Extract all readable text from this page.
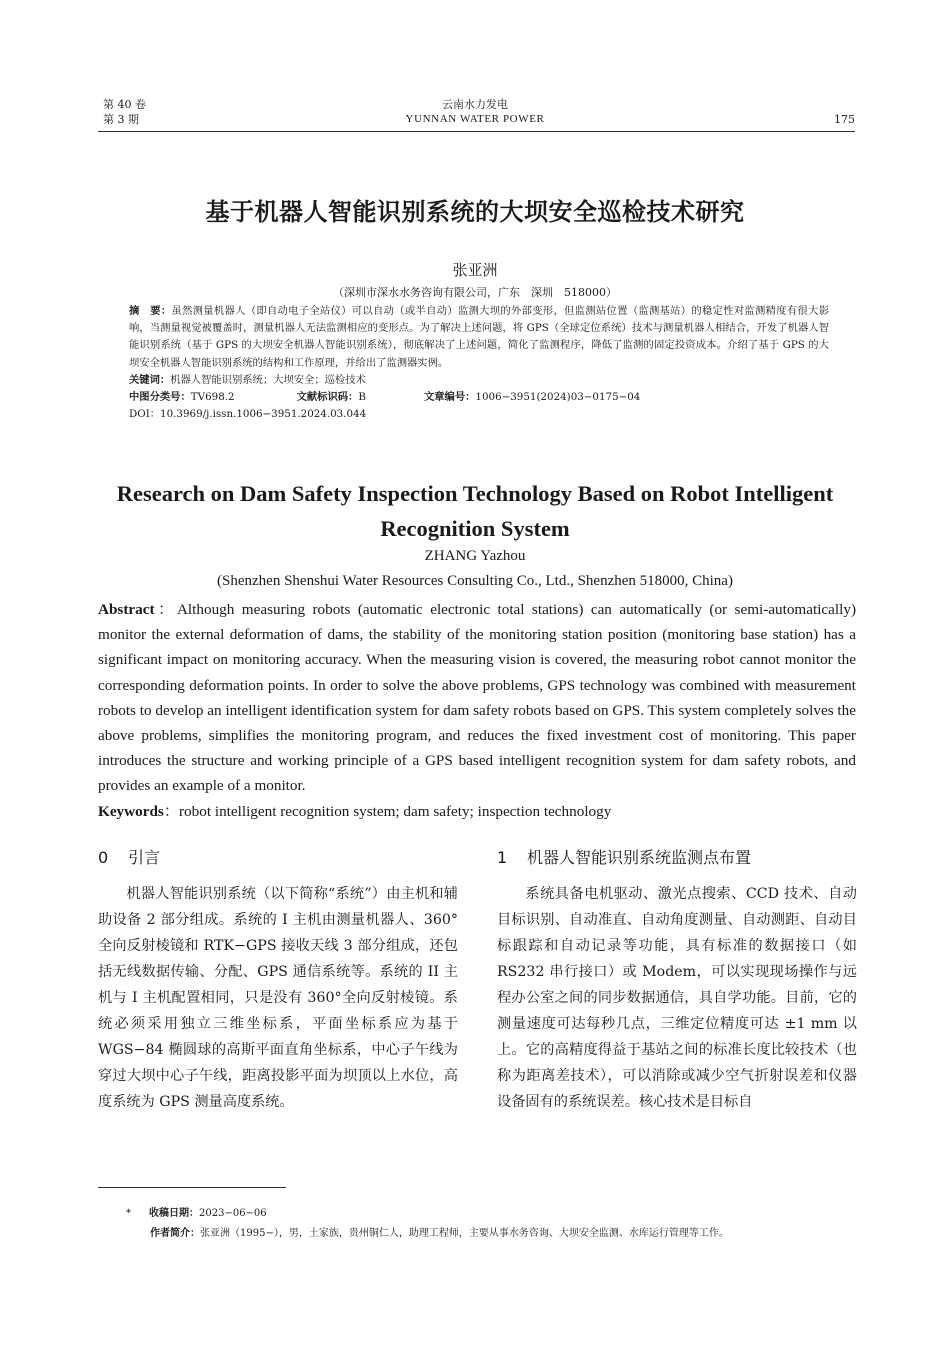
第 40 卷
第 3 期
云南水力发电
YUNNAN WATER POWER	175
基于机器人智能识别系统的大坝安全巡检技术研究
张亚洲
（深圳市深水水务咨询有限公司，广东　深圳　518000）

摘　要：虽然测量机器人（即自动电子全站仪）可以自动（或半自动）监测大坝的外部变形，但监测站位置（监测基站）的稳定性对监测精度有很大影响，当测量视觉被覆盖时，测量机器人无法监测相应的变形点。为了解决上述问题，将 GPS（全球定位系统）技术与测量机器人相结合，开发了机器人智能识别系统（基于 GPS 的大坝安全机器人智能识别系统），彻底解决了上述问题，简化了监测程序，降低了监测的固定投资成本。介绍了基于 GPS 的大坝安全机器人智能识别系统的结构和工作原理，并给出了监测器实例。

关键词：机器人智能识别系统；大坝安全；巡检技术

中图分类号：TV698.2	文献标识码：B	文章编号：1006−3951(2024)03−0175−04

DOI：10.3969/j.issn.1006−3951.2024.03.044

Research on Dam Safety Inspection Technology Based on Robot Intelligent Recognition System
ZHANG Yazhou
(Shenzhen Shenshui Water Resources Consulting Co., Ltd., Shenzhen 518000, China)

Abstract：Although measuring robots (automatic electronic total stations) can automatically (or semi-automatically) monitor the external deformation of dams, the stability of the monitoring station position (monitoring base station) has a significant impact on monitoring accuracy. When the measuring vision is covered, the measuring robot cannot monitor the corresponding deformation points. In order to solve the above problems, GPS technology was combined with measurement robots to develop an intelligent identification system for dam safety robots based on GPS. This system completely solves the above problems, simplifies the monitoring program, and reduces the fixed investment cost of monitoring. This paper introduces the structure and working principle of a GPS based intelligent recognition system for dam safety robots, and provides an example of a monitor.

Keywords：robot intelligent recognition system; dam safety; inspection technology

0 引言

机器人智能识别系统（以下简称“系统”）由主机和辅助设备 2 部分组成。系统的 I 主机由测量机器人、360°全向反射棱镜和 RTK−GPS 接收天线 3 部分组成，还包括无线数据传输、分配、GPS 通信系统等。系统的 II 主机与 I 主机配置相同，只是没有 360°全向反射棱镜。系统必须采用独立三维坐标系，平面坐标系应为基于 WGS−84 椭圆球的高斯平面直角坐标系，中心子午线为穿过大坝中心子午线，距离投影平面为坝顶以上水位，高度系统为 GPS 测量高度系统。

1 机器人智能识别系统监测点布置

系统具备电机驱动、激光点搜索、CCD 技术、自动目标识别、自动准直、自动角度测量、自动测距、自动目标跟踪和自动记录等功能，具有标准的数据接口（如 RS232 串行接口）或 Modem，可以实现现场操作与远程办公室之间的同步数据通信，具自学功能。目前，它的测量速度可达每秒几点，三维定位精度可达 ±1 mm 以上。它的高精度得益于基站之间的标准长度比较技术（也称为距离差技术），可以消除或减少空气折射误差和仪器设备固有的系统误差。核心技术是目标自

* 收稿日期：2023−06−06
作者简介：张亚洲（1995−），男，土家族，贵州铜仁人，助理工程师，主要从事水务咨询、大坝安全监测、水库运行管理等工作。
